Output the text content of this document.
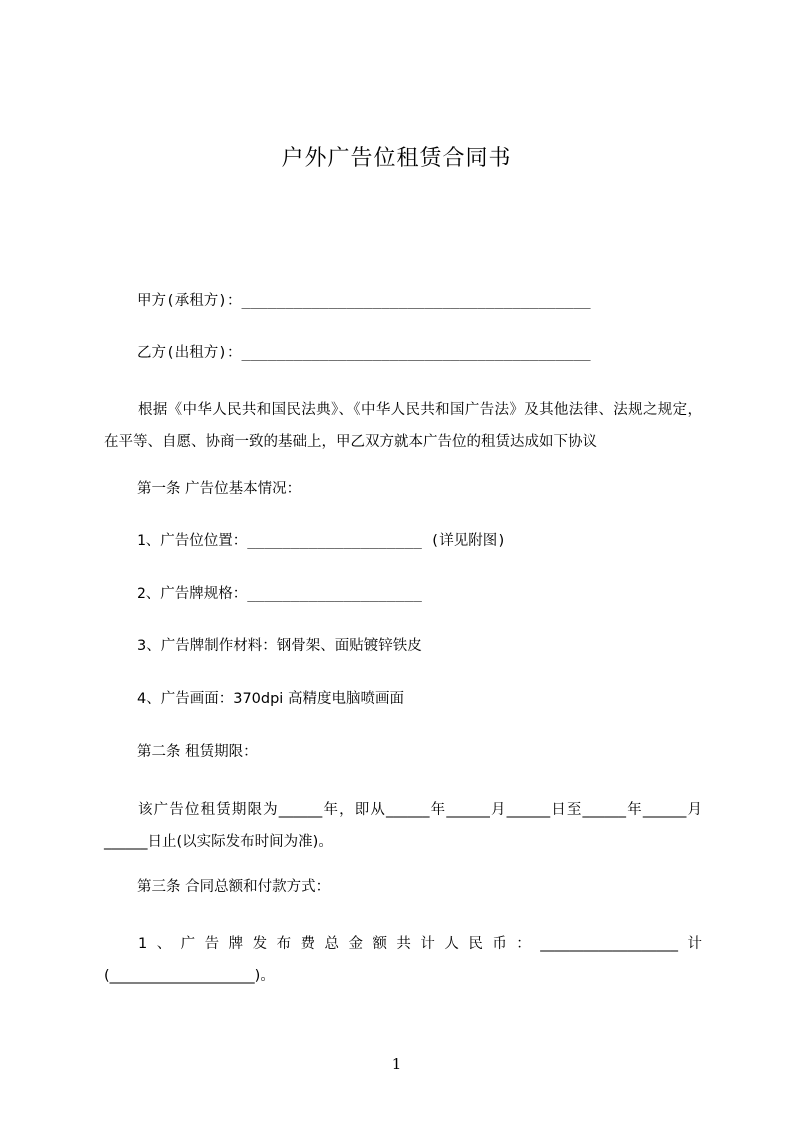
户外广告位租赁合同书
甲方(承租方)：________________________________________
乙方(出租方)：________________________________________
根据《中华人民共和国民法典》、《中华人民共和国广告法》及其他法律、法规之规定，在平等、自愿、协商一致的基础上，甲乙双方就本广告位的租赁达成如下协议
第一条 广告位基本情况：
1、广告位位置：____________________ (详见附图)
2、广告牌规格：____________________
3、广告牌制作材料：钢骨架、面贴镀锌铁皮
4、广告画面：370dpi 高精度电脑喷画面
第二条 租赁期限：
该广告位租赁期限为______年，即从______年______月______日至______年______月______日止(以实际发布时间为准)。
第三条 合同总额和付款方式：
1、广告牌发布费总金额共计人民币：___________________计(____________________)。
1
